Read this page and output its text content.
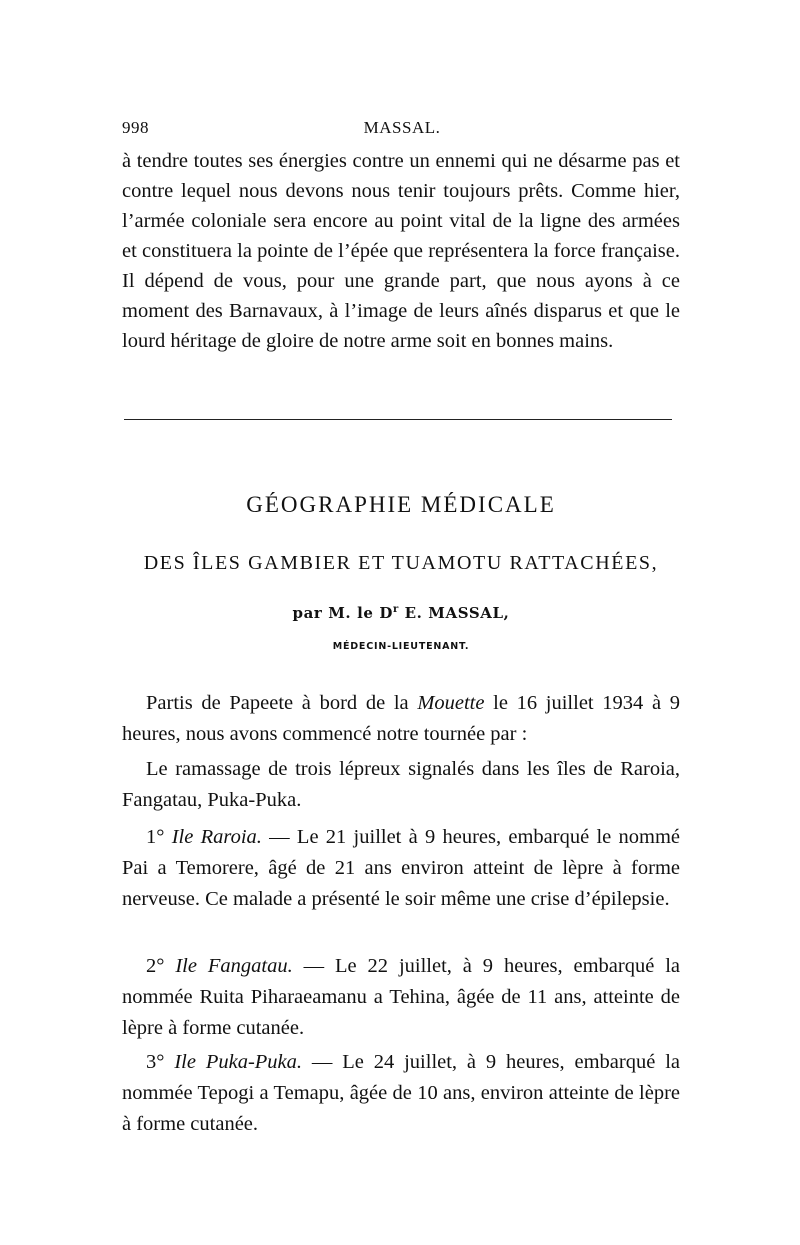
998	MASSAL.

à tendre toutes ses énergies contre un ennemi qui ne désarme pas et contre lequel nous devons nous tenir toujours prêts. Comme hier, l’armée coloniale sera encore au point vital de la ligne des armées et constituera la pointe de l’épée que représentera la force française. Il dépend de vous, pour une grande part, que nous ayons à ce moment des Barnavaux, à l’image de leurs aînés disparus et que le lourd héritage de gloire de notre arme soit en bonnes mains.

GÉOGRAPHIE MÉDICALE
DES ÎLES GAMBIER ET TUAMOTU RATTACHÉES,

par M. le $D^r$ E. MASSAL,

MÉDECIN-LIEUTENANT.

Partis de Papeete à bord de la Mouette le 16 juillet 1934 à 9 heures, nous avons commencé notre tournée par :

Le ramassage de trois lépreux signalés dans les îles de Raroia, Fangatau, Puka-Puka.

1° Ile Raroia. — Le 21 juillet à 9 heures, embarqué le nommé Pai a Temorere, âgé de 21 ans environ atteint de lèpre à forme nerveuse. Ce malade a présenté le soir même une crise d’épilepsie.

2° Ile Fangatau. — Le 22 juillet, à 9 heures, embarqué la nommée Ruita Piharaeamanu a Tehina, âgée de 11 ans, atteinte de lèpre à forme cutanée.

3° Ile Puka-Puka. — Le 24 juillet, à 9 heures, embarqué la nommée Tepogi a Temapu, âgée de 10 ans, environ atteinte de lèpre à forme cutanée.
